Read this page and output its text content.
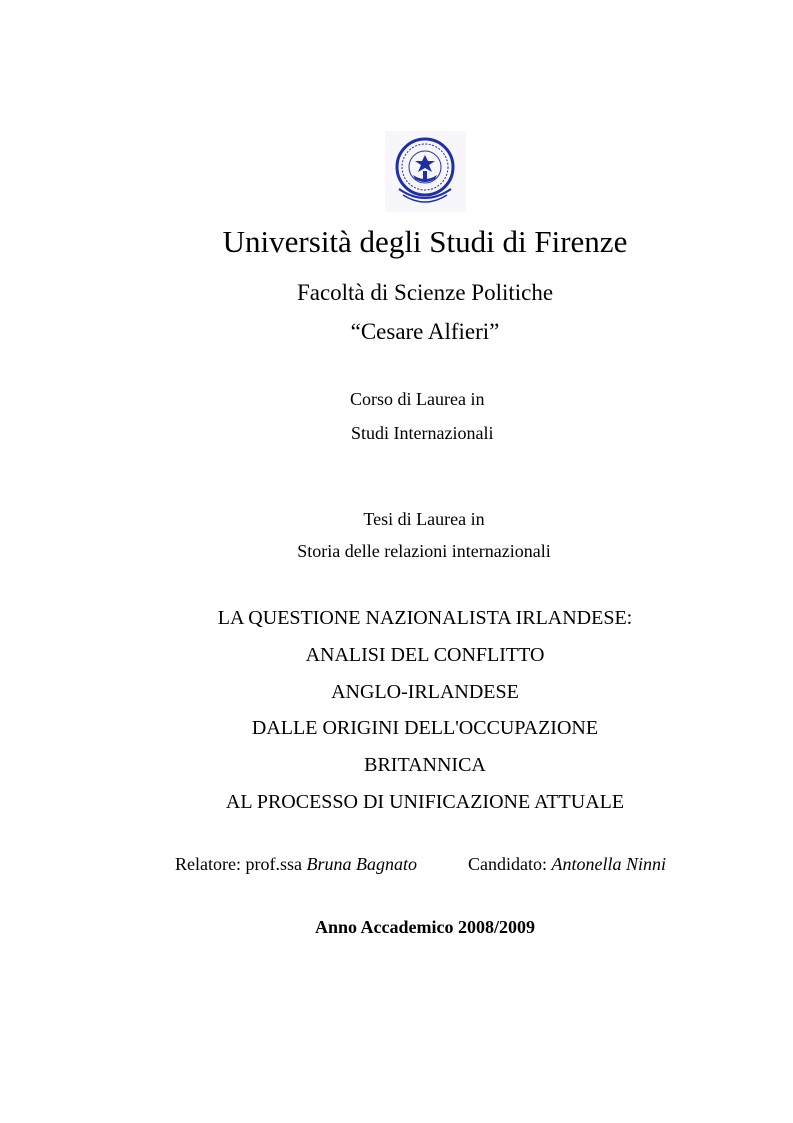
Università degli Studi di Firenze
Facoltà di Scienze Politiche
“Cesare Alfieri”
Corso di Laurea in
Studi Internazionali
Tesi di Laurea in
Storia delle relazioni internazionali
LA QUESTIONE NAZIONALISTA IRLANDESE:
ANALISI DEL CONFLITTO
ANGLO-IRLANDESE
DALLE ORIGINI DELL'OCCUPAZIONE
BRITANNICA
AL PROCESSO DI UNIFICAZIONE ATTUALE
Relatore: prof.ssa Bruna Bagnato	Candidato: Antonella Ninni
Anno Accademico 2008/2009
